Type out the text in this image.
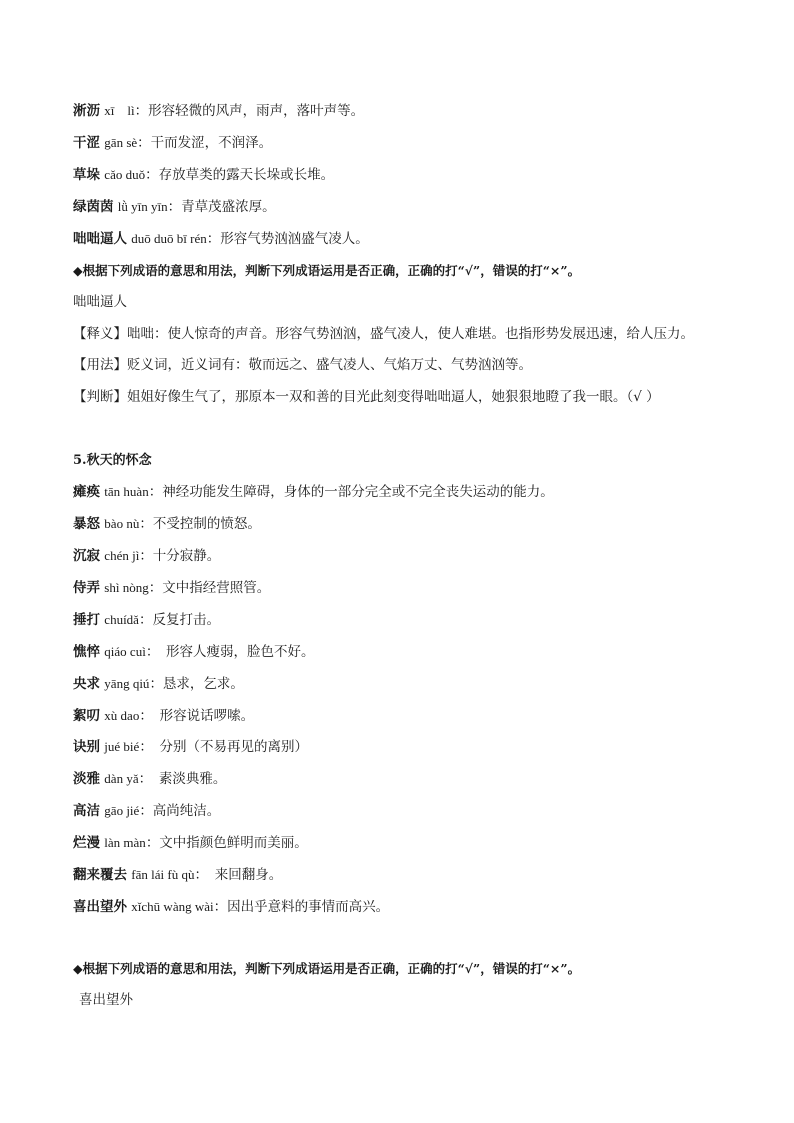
淅沥 xī　lì：形容轻微的风声，雨声，落叶声等。
干涩 gān sè：干而发涩，不润泽。
草垛 cǎo duǒ：存放草类的露天长垛或长堆。
绿茵茵 lǜ yīn yīn：青草茂盛浓厚。
咄咄逼人 duō duō bī rén：形容气势汹汹盛气凌人。
◆根据下列成语的意思和用法，判断下列成语运用是否正确，正确的打“√”，错误的打“×”。
咄咄逼人
【释义】咄咄：使人惊奇的声音。形容气势汹汹，盛气凌人，使人难堪。也指形势发展迅速，给人压力。
【用法】贬义词，近义词有：敬而远之、盛气凌人、气焰万丈、气势汹汹等。
【判断】姐姐好像生气了，那原本一双和善的目光此刻变得咄咄逼人，她狠狠地瞪了我一眼。（√ ）
5.秋天的怀念
瘫痪 tān huàn：神经功能发生障碍，身体的一部分完全或不完全丧失运动的能力。
暴怒 bào nù：不受控制的愤怒。
沉寂 chén jì：十分寂静。
侍弄 shì nòng：文中指经营照管。
捶打 chuídǎ：反复打击。
憔悴 qiáo cuì：　形容人瘦弱，脸色不好。
央求 yāng qiú：恳求，乞求。
絮叨 xù dao：　形容说话啰嗦。
诀别 jué bié：　分别（不易再见的离别）
淡雅 dàn yǎ：　素淡典雅。
高洁 gāo jié：高尚纯洁。
烂漫 làn màn：文中指颜色鲜明而美丽。
翻来覆去 fān lái fù qù：　来回翻身。
喜出望外 xǐchū wàng wài：因出乎意料的事情而高兴。
◆根据下列成语的意思和用法，判断下列成语运用是否正确，正确的打“√”，错误的打“×”。
喜出望外
